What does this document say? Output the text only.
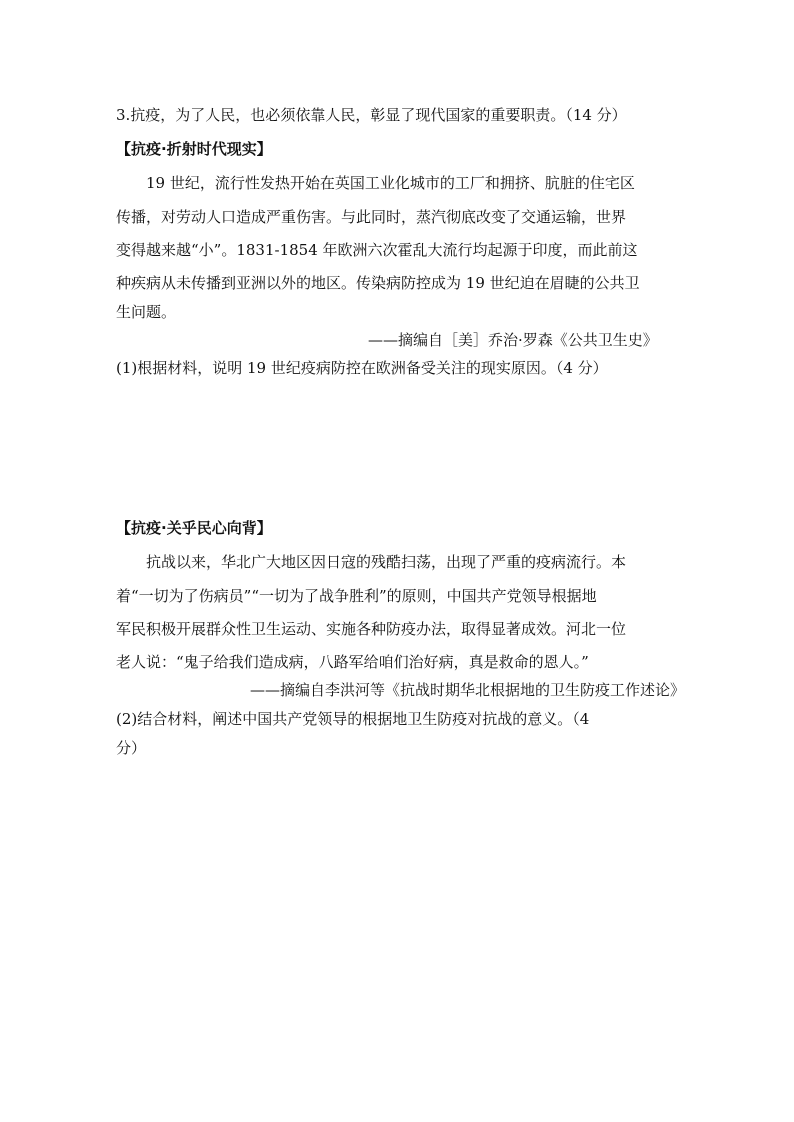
3.抗疫，为了人民，也必须依靠人民，彰显了现代国家的重要职责。（14 分）
【抗疫·折射时代现实】
19 世纪，流行性发热开始在英国工业化城市的工厂和拥挤、肮脏的住宅区
传播，对劳动人口造成严重伤害。与此同时，蒸汽彻底改变了交通运输，世界
变得越来越“小”。1831-1854 年欧洲六次霍乱大流行均起源于印度，而此前这
种疾病从未传播到亚洲以外的地区。传染病防控成为 19 世纪迫在眉睫的公共卫
生问题。
——摘编自［美］乔治·罗森《公共卫生史》
(1)根据材料，说明 19 世纪疫病防控在欧洲备受关注的现实原因。（4 分）
【抗疫·关乎民心向背】
抗战以来，华北广大地区因日寇的残酷扫荡，出现了严重的疫病流行。本
着“一切为了伤病员”“一切为了战争胜利”的原则，中国共产党领导根据地
军民积极开展群众性卫生运动、实施各种防疫办法，取得显著成效。河北一位
老人说：“鬼子给我们造成病，八路军给咱们治好病，真是救命的恩人。”
——摘编自李洪河等《抗战时期华北根据地的卫生防疫工作述论》
(2)结合材料，阐述中国共产党领导的根据地卫生防疫对抗战的意义。（4
分）
